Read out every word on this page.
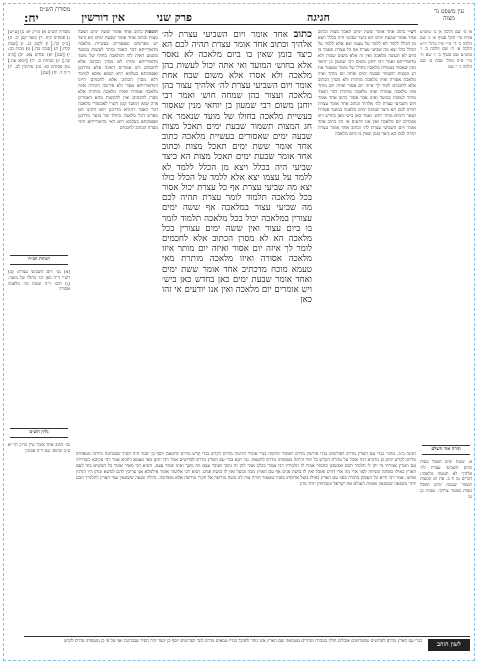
עין משפט נר מצוה
יח:	אין דורשין	פרק שני	חגיגה
מסורת הש״ס
א׳ מ׳ שם הלכה א׳ ב׳ טוש״ע או״ח סי׳ תקל סעיף א׳ ג׳ שם הלכה ב׳ ד׳ מיי׳ פ״ז מהל׳ יו״ט הלכה א׳ ה׳ שם הלכה ב׳ ו׳ טוש״ע שם סעיף ב׳ ז׳ שם ח׳ מיי׳ פ״ח מהל׳ שבת ט׳ שם הלכה ג׳ י׳ שם
תורה אור השלם
א. ששת ימים תאכל מצות וביום השביעי עצרת לה׳ אלהיך לא תעשה מלאכה: דברים טז ח ב. את חג המצות תשמר שבעת ימים תאכל מצות כאשר צויתך: שמות כג טו
רש״י כתוב אחד אומר ששת ימים תאכל מצות וכתוב אחד אומר שבעת ימים הא כיצד שביעי היה בכלל ויצא מן הכלל ללמד לא ללמד על עצמו יצא אלא ללמד על הכלל כולו יצא מה שביעי עצרת אף כל עצרת ונאמר בו ביום לא תעשה מלאכה ואין זה אלא משום שבות ולא מדאורייתא ואמר רבי יוחנן משום רבי שמעון בן יוחאי מנין שאסור בעשיית מלאכה בחולו של מועד שנאמר את חג המצות תשמור שבעת ימים ואיזה יום מותר ואיזו מלאכה אסורה ואיזו מלאכה מותרת ולא מסרן הכתוב אלא לחכמים לומר לך איזה יום אסור ואיזה יום מותר איזו מלאכה אסורה ואיזו מלאכה מותרת דבר האבד מותר לעשות במועד ואינו אבד אסור כתוב אחד אומר ויום השביעי עצרת לה׳ אלהיך וכתוב אחד אומר עצרת תהיה לכם הא כיצד שמונה ימים מלאכה במועד אסורה ושאר הימים מותר חוש׳ ואמר כאן ביש׳ כאן בחדש ויש אומרים יום מלאכה ואין אנו יודעים אי זהו כתוב אחד אומר ויום השביעי עצרת לה׳ וכתוב אחד אומר עצרת תהיה לכם הא כיצד בזמן שאין בו ביום מלאכה
כתוב אחד אומר ויום השביעי עצרת לה׳ אלהיך וכתוב אחד אומר עצרת תהיה לכם הא כיצד בזמן שאין בו ביום מלאכה לא נאסר אלא בחוש׳ המועד ואי אתה יכול לעשות בהן מלאכה ולא אסרו אלא משום שבח אחת אומר ויום השביעי עצרת לה׳ אלהיך עצור בהן מלאכה ועצור בהן שמחה חוש׳ ואמר רבי יוחנן משום רבי שמעון בן יוחאי מנין שאסור בעשיית מלאכה בחולו של מועד שנאמר את חג המצות תשמור שבעת ימים תאכל מצות שבעה ימים שאסורים בעשיית מלאכה כתוב אחד אומר ששת ימים תאכל מצות וכתוב אחד אומר שבעת ימים תאכל מצות הא כיצד שביעי היה בכלל ויצא מן הכלל ללמד לא ללמד על עצמו יצא אלא ללמד על הכלל כולו יצא מה שביעי עצרת אף כל עצרת יכול אסור בכל מלאכה תלמוד לומר עצרת תהיה לכם מה שביעי עצור במלאכה אף ששה ימים עצורין במלאכה יכול בכל מלאכה תלמוד לומר בו ביום עצור ואין ששה ימים עצורין בכל מלאכה הא לא מסרן הכתוב אלא לחכמים לומר לך איזה יום אסור ואיזה יום מותר איזו מלאכה אסורה ואיזו מלאכה מותרת מאי טעמא מוכח מדכתיב אחד אומר ששת ימים ואחד אומר שבעת ימים כאן בחדש כאן ביש׳ ויש אומרים יום מלאכה ואין אנו יודעים אי זהו כאן
תוספות כתוב אחד אומר ששת ימים תאכל מצות וכתוב אחד אומר שבעת ימים הא כיצד יש מפרשים שאסורים בעשיית מלאכה מדאורייתא דבר האבד מותר לעשות במועד משמע דאית להו דמלאכה בחולו של מועד מדאורייתא ומיהו לא מסרן הכתוב אלא לחכמים ויש אומרים דאינה אלא מדרבנן ואסמכתא בעלמא היא ושמא איכא למימר דלא מסרן הכתוב אלא לחכמים היינו דמדאורייתא אסור ולא פירשה התורה איזה מלאכה אסורה ואיזה מלאכה מותרת אלא מסרן לחכמים ואין להקשות מהא דאמרינן פרק קמא דמועד קטן דשרי לאכשורי מלאכה דבר האבד דההיא מדרבנן הוא ורבינו תם מפרש דכל מלאכה בחולו של מועד מדרבנן ואסמכתא בעלמא היא דאי מדאורייתא היכי מסרה הכתוב לחכמים
מסורת הש״ס א) מו״ק יא: ב) [ע״ש] ג) פסחים קיח. ד) מועד קטן יב. ה) [ב״ק קה.] ו) לקמן כג. ז) [שבת קלח.] ח) [סוכה מה.] ט) מכות כב: י) [שם] יא) זבחים צא. יב) [ב״ב קכ.] יג) מנחות ס. יד) [יומא עה.] טו) פסחים סז: טז) עירובין לב. יז) ר״ה ד. יח) [שם]
הגהות הב״ח
(א) גמ׳ ויום השביעי עצרת: (ב) רש״י ד״ה כאן וכו׳ בחולו של מועד: (ג) תוס׳ ד״ה ששת וכו׳ מלאכה אסורה
גליון הש״ס
גמ׳ כתוב אחד אומר עיין מו״ק דף יא ע״ב ובתוס׳ שם ד״ה אומנין
חגיגה כ״ב. מתני׳ בגדי עם הארץ מדרס לפרושים בגדי פרושין מדרס לאוכלי תרומה בגדי אוכלי תרומה מדרס לקדש בגדי קדש מדרס לחטאת יוסף בן יועזר היה חסיד שבכהונה והיתה מטפחתו מדרס לקדש יוחנן בן גודגדא היה אוכל על טהרת הקדש כל ימיו והיתה מטפחתו מדרס לחטאת. גמ׳ תנא בגדי עם הארץ מדרס לפרושים אמר רבי יוחנן מאי טעמא דתניא אמר רבי עקיבא כשהייתי עם הארץ אמרתי מי יתן לי תלמיד חכם ואנשכנו כחמור אמרו לו תלמידיו רבי אמור ככלב אמר להן זה נושך ושובר עצם וזה נושך ואינו שובר עצם. ותניא רבי מאיר אומר כל המשיא בתו לעם הארץ כאילו כופתה ומניחה לפני ארי מה ארי דורס ואוכל ואין לו בושת פנים אף עם הארץ מכה ובועל ואין לו בושת פנים. תניא רבי אליעזר אומר אילמלא אנו צריכין להם למשא ומתן היו הורגין אותנו. אמר רבי חייא כל העוסק בתורה בפני עם הארץ כאילו בועל ארוסתו בפניו שנאמר תורה צוה לנו משה מורשה אל תקרי מורשה אלא מאורסה. גדולה שנאה ששונאין עמי הארץ לתלמיד חכם יותר משנאה ששונאין אומות העולם את ישראל ונשותיהן יותר מהן
לשון הזהב
בגדי עם הארץ מדרס לפרושים שהפרושים אוכלים חולין בטהרה ונזהרים מטומאה ועם הארץ אינו נזהר ולפיכך בגדיו טמאים מדרס לגבי הפרושים יוסף בן יועזר היה חסיד שבכהונה ואף על פי כן מטפחתו מדרס לקדש
